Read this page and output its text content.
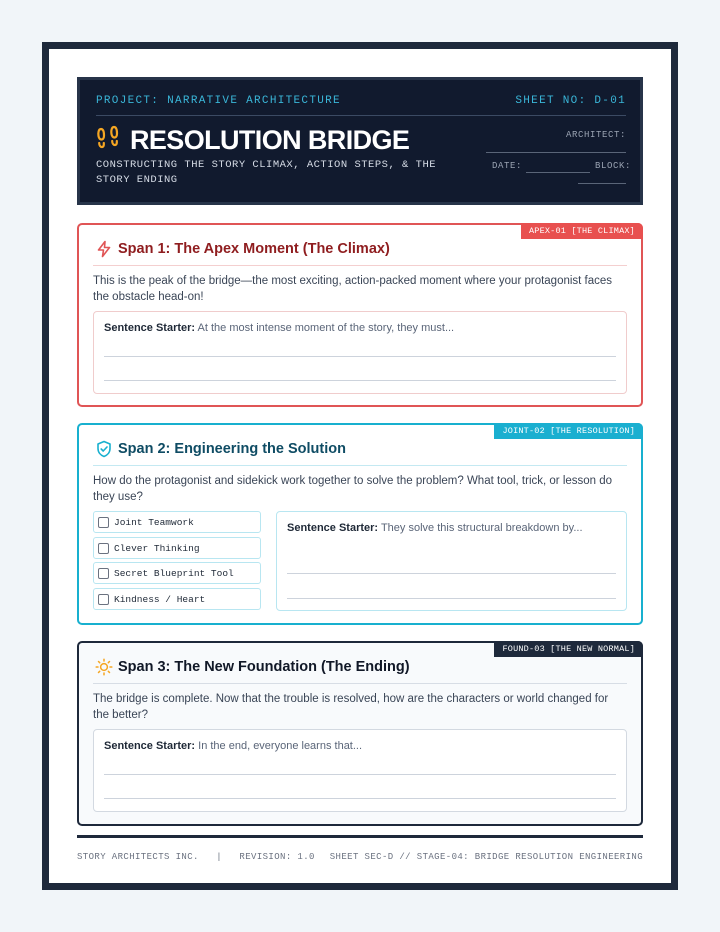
PROJECT: NARRATIVE ARCHITECTURE	SHEET NO: D-01
RESOLUTION BRIDGE
CONSTRUCTING THE STORY CLIMAX, ACTION STEPS, & THE STORY ENDING
ARCHITECT:
DATE:	BLOCK:
APEX-01 [THE CLIMAX]
Span 1: The Apex Moment (The Climax)
This is the peak of the bridge—the most exciting, action-packed moment where your protagonist faces the obstacle head-on!
Sentence Starter: At the most intense moment of the story, they must...
JOINT-02 [THE RESOLUTION]
Span 2: Engineering the Solution
How do the protagonist and sidekick work together to solve the problem? What tool, trick, or lesson do they use?
Joint Teamwork
Clever Thinking
Secret Blueprint Tool
Kindness / Heart
Sentence Starter: They solve this structural breakdown by...
FOUND-03 [THE NEW NORMAL]
Span 3: The New Foundation (The Ending)
The bridge is complete. Now that the trouble is resolved, how are the characters or world changed for the better?
Sentence Starter: In the end, everyone learns that...
STORY ARCHITECTS INC.   |   REVISION: 1.0 SHEET SEC-D // STAGE-04: BRIDGE RESOLUTION ENGINEERING
